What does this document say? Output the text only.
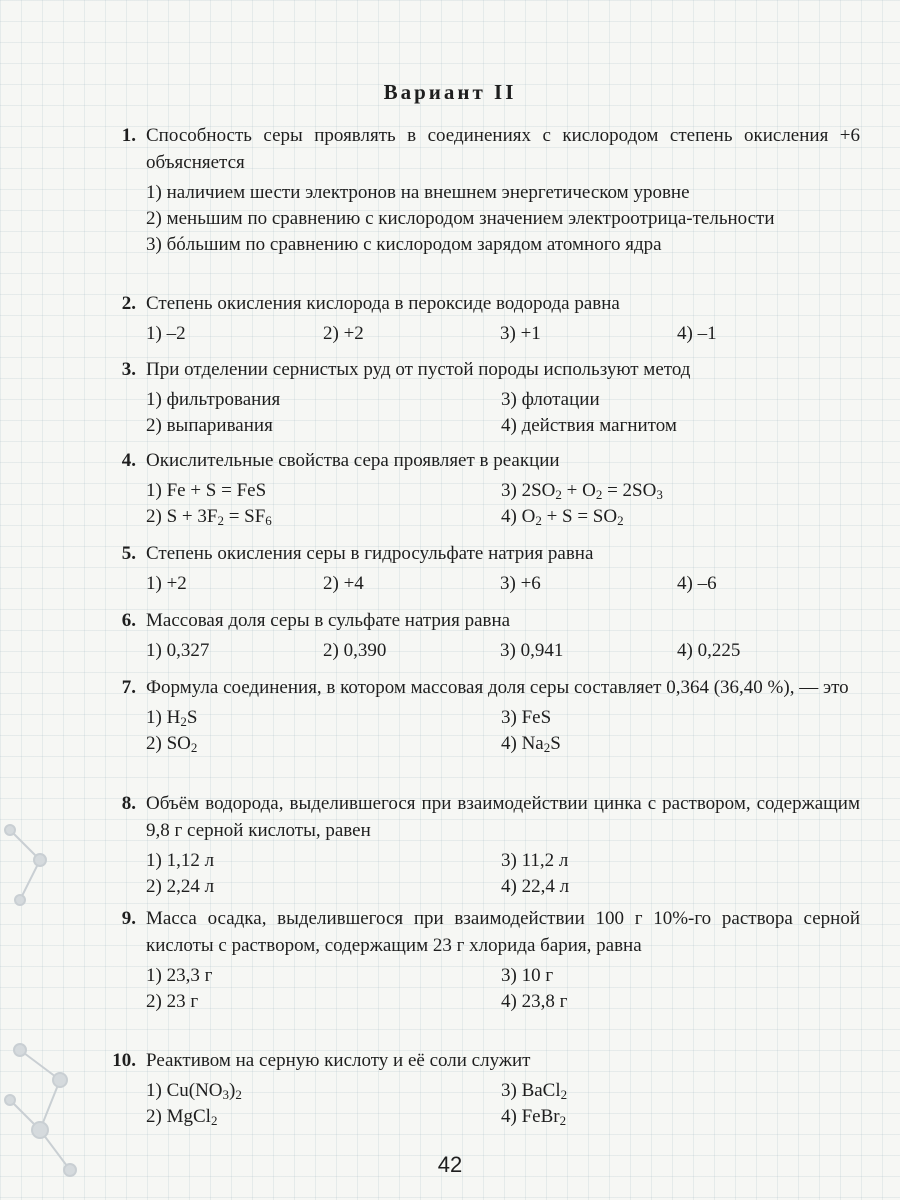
Вариант II
1. Способность серы проявлять в соединениях с кислородом степень окисления +6 объясняется
1) наличием шести электронов на внешнем энергетическом уровне
2) меньшим по сравнению с кислородом значением электроотрица-тельности
3) бóльшим по сравнению с кислородом зарядом атомного ядра
2. Степень окисления кислорода в пероксиде водорода равна
1) –2	2) +2	3) +1	4) –1
3. При отделении сернистых руд от пустой породы используют метод
1) фильтрования	3) флотации
2) выпаривания	4) действия магнитом
4. Окислительные свойства сера проявляет в реакции
1) Fe + S = FeS	3) $2SO_2 + O_2 = 2SO_3$
2) $S + 3F_2 = SF_6$	4) $O_2 + S = SO_2$
5. Степень окисления серы в гидросульфате натрия равна
1) +2	2) +4	3) +6	4) –6
6. Массовая доля серы в сульфате натрия равна
1) 0,327	2) 0,390	3) 0,941	4) 0,225
7. Формула соединения, в котором массовая доля серы составляет 0,364 (36,40 %), — это
1) $H_2S$	3) FeS
2) $SO_2$	4) $Na_2S$
8. Объём водорода, выделившегося при взаимодействии цинка с раствором, содержащим 9,8 г серной кислоты, равен
1) 1,12 л	3) 11,2 л
2) 2,24 л	4) 22,4 л
9. Масса осадка, выделившегося при взаимодействии 100 г 10%-го раствора серной кислоты с раствором, содержащим 23 г хлорида бария, равна
1) 23,3 г	3) 10 г
2) 23 г	4) 23,8 г
10. Реактивом на серную кислоту и её соли служит
1) $Cu(NO_3)_2$	3) BaCl$_2$
2) MgCl$_2$	4) FeBr$_2$
42
